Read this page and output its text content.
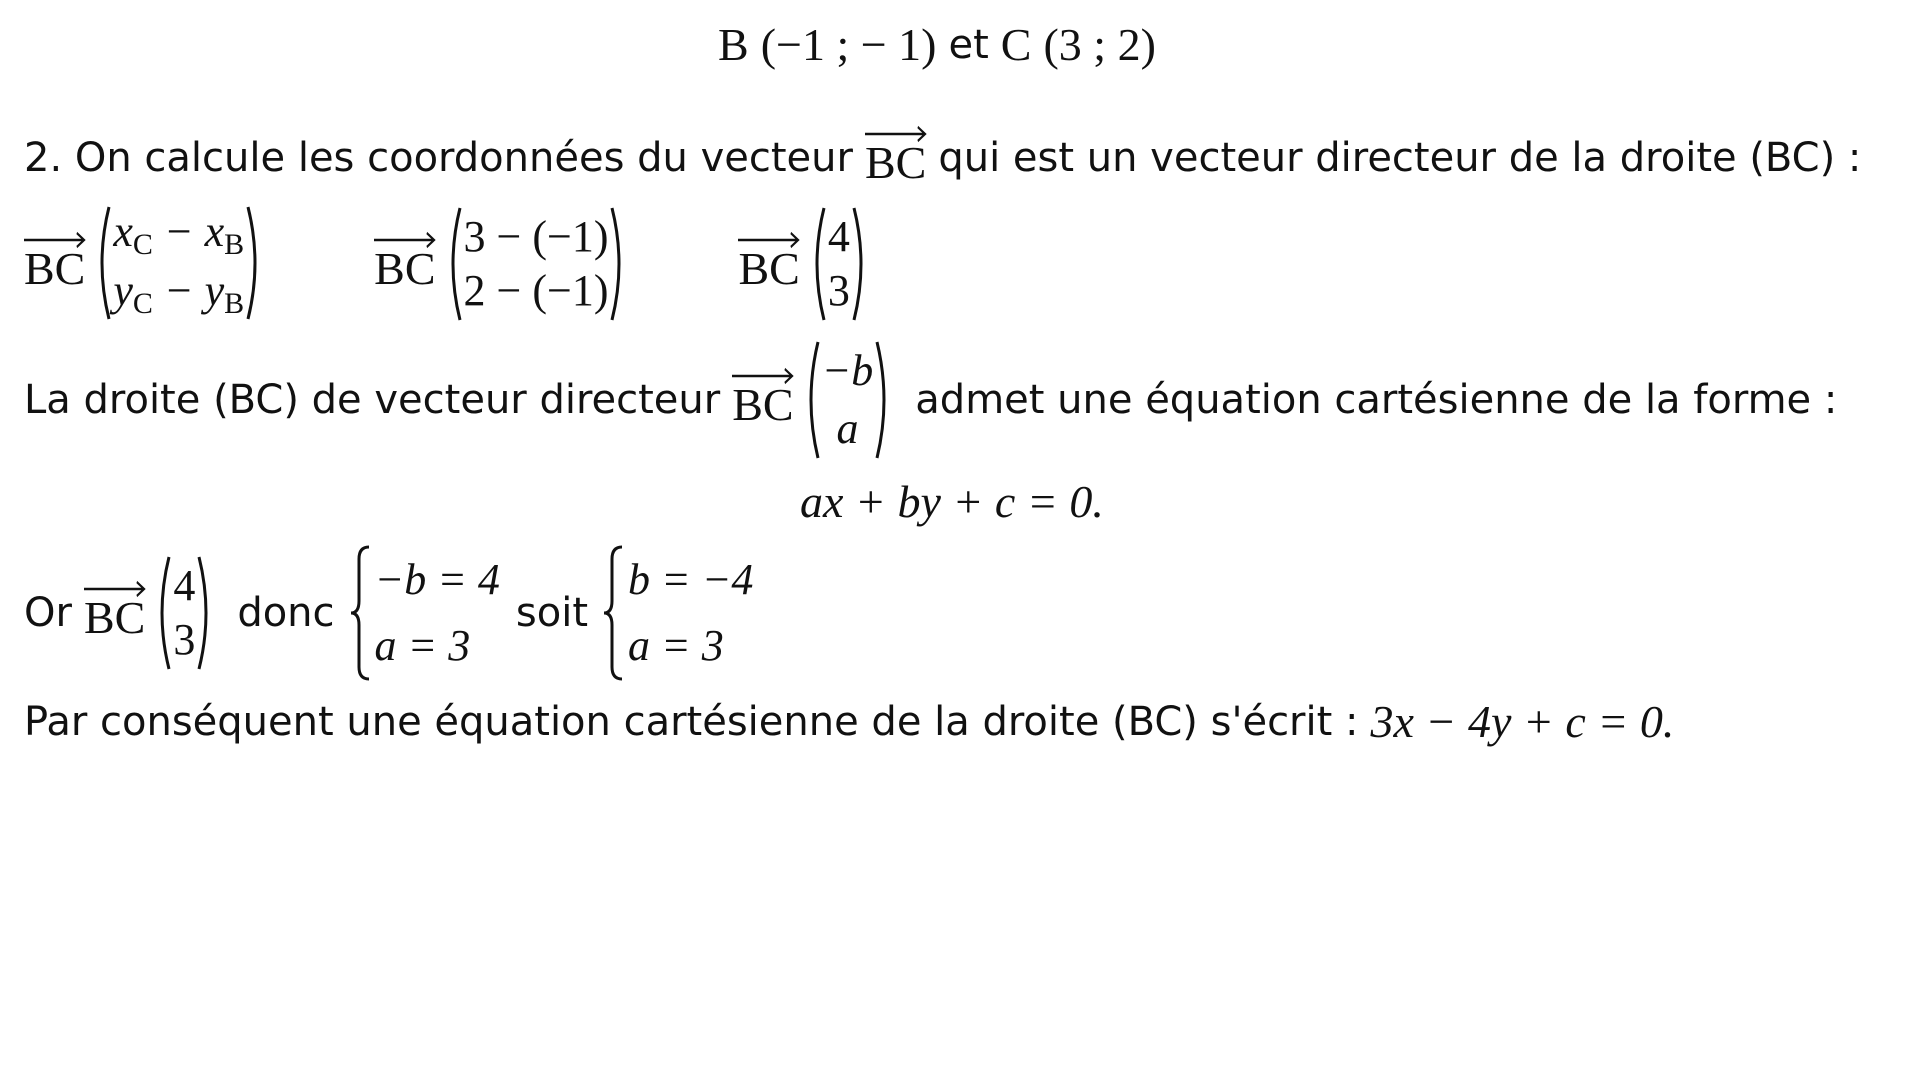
B (−1 ; − 1) et C (3 ; 2)
2. On calcule les coordonnées du vecteur BC qui est un vecteur directeur de la droite (BC) :
BC
xC − xB
yC − yB
BC
3 − (−1)
2 − (−1)	BC
4
3
La droite (BC) de vecteur directeur BC
−b
a
admet une équation cartésienne de la forme :
ax + by + c = 0.
Or BC
4
3
donc
−b = 4
a = 3
soit
b = −4
a = 3
Par conséquent une équation cartésienne de la droite (BC) s'écrit : 3x − 4y + c = 0.
